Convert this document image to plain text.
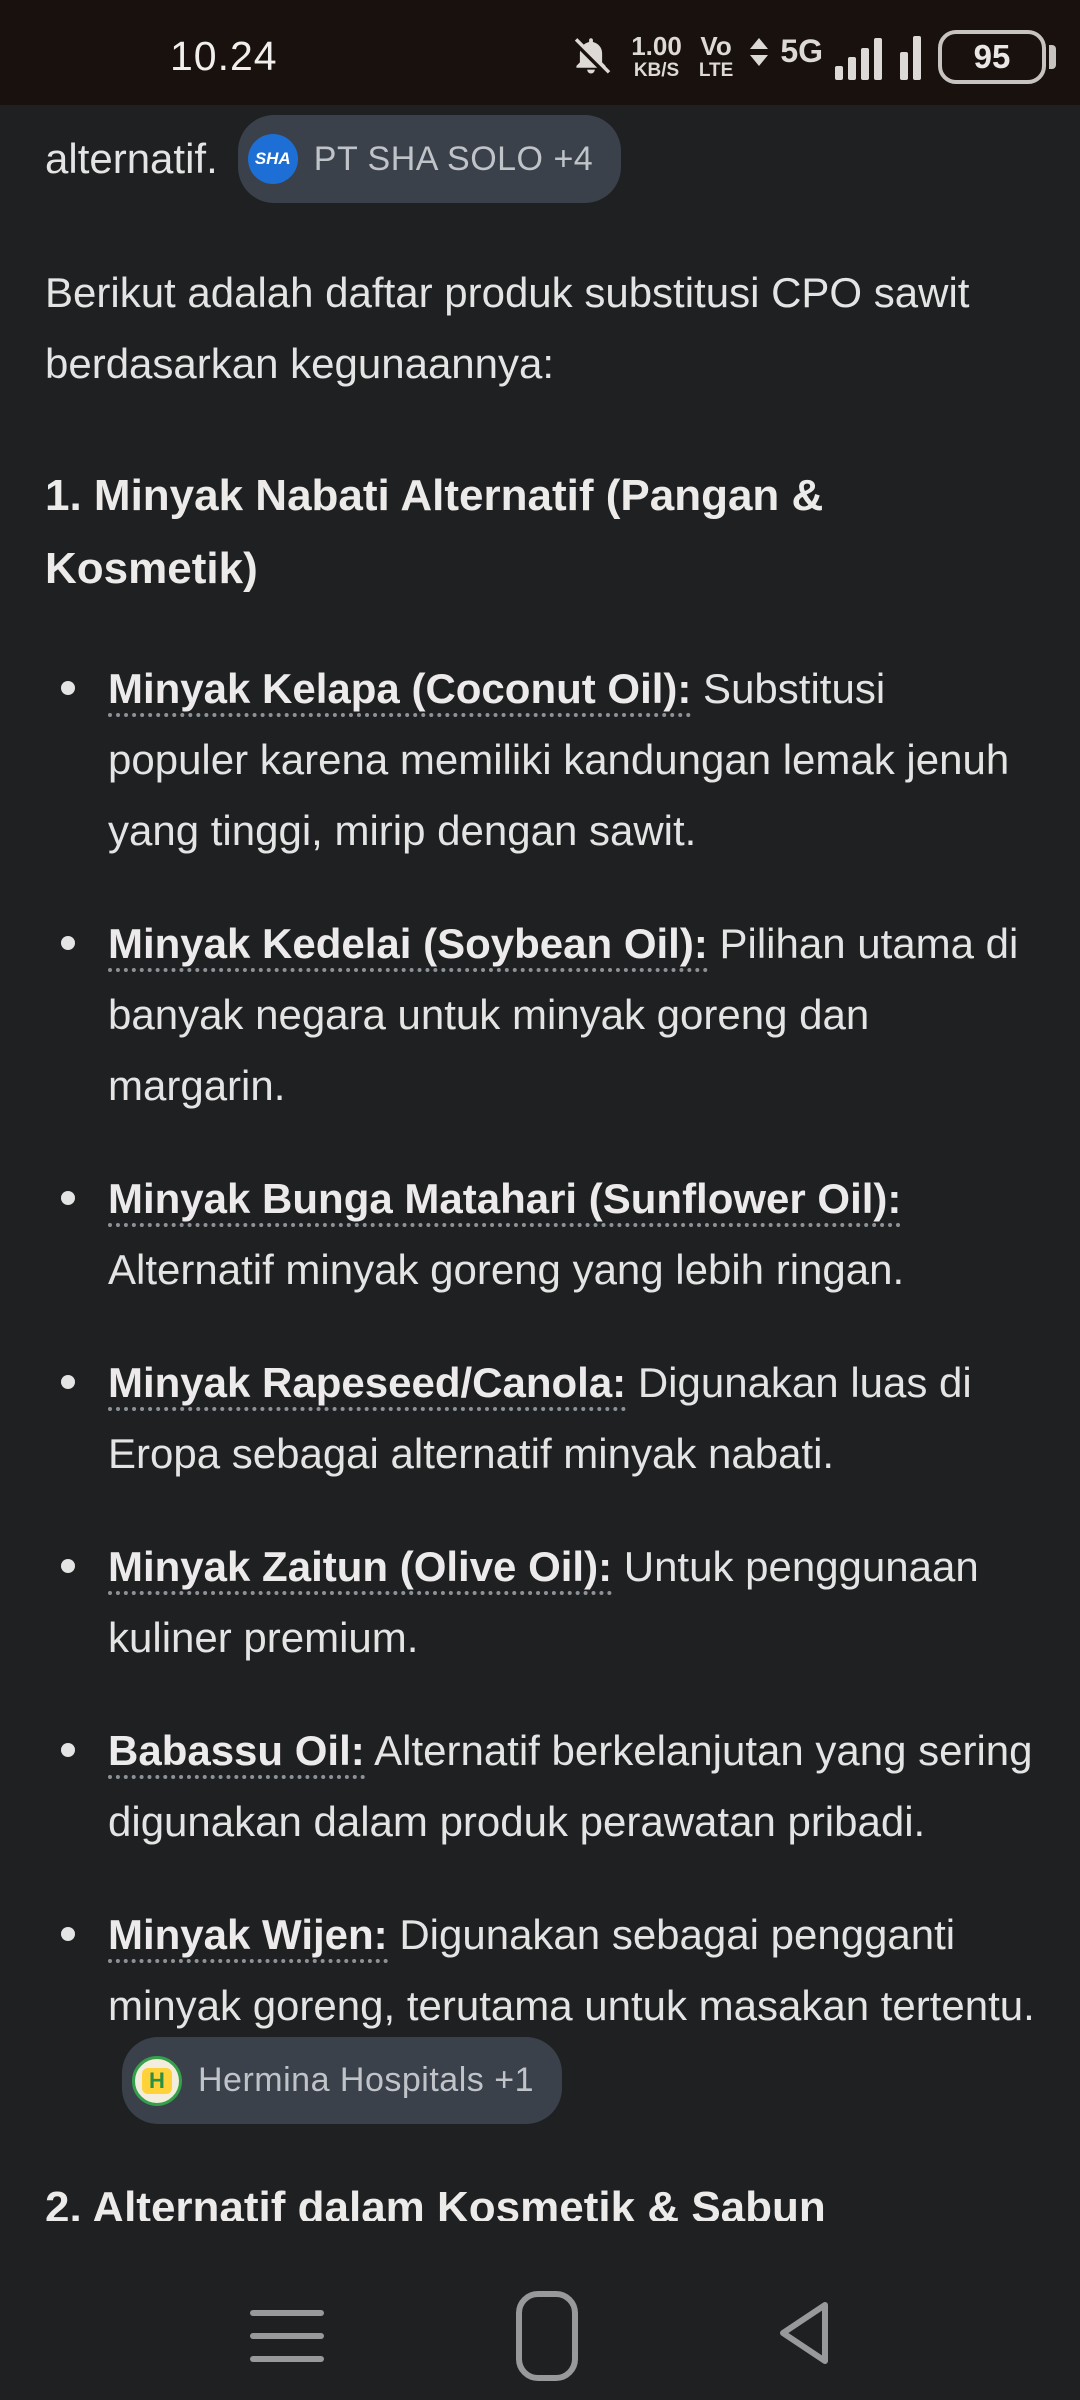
10.24	1.00
KB/S
Vo
LTE
5G	95
alternatif.	SHA PT SHA SOLO +4

Berikut adalah daftar produk substitusi CPO sawit berdasarkan kegunaannya:

1. Minyak Nabati Alternatif (Pangan & Kosmetik)
Minyak Kelapa (Coconut Oil): Substitusi populer karena memiliki kandungan lemak jenuh yang tinggi, mirip dengan sawit.
Minyak Kedelai (Soybean Oil): Pilihan utama di banyak negara untuk minyak goreng dan margarin.
Minyak Bunga Matahari (Sunflower Oil): Alternatif minyak goreng yang lebih ringan.
Minyak Rapeseed/Canola: Digunakan luas di Eropa sebagai alternatif minyak nabati.
Minyak Zaitun (Olive Oil): Untuk penggunaan kuliner premium.
Babassu Oil: Alternatif berkelanjutan yang sering digunakan dalam produk perawatan pribadi.
Minyak Wijen: Digunakan sebagai pengganti minyak goreng, terutama untuk masakan tertentu.
H Hermina Hospitals +1
2. Alternatif dalam Kosmetik & Sabun
